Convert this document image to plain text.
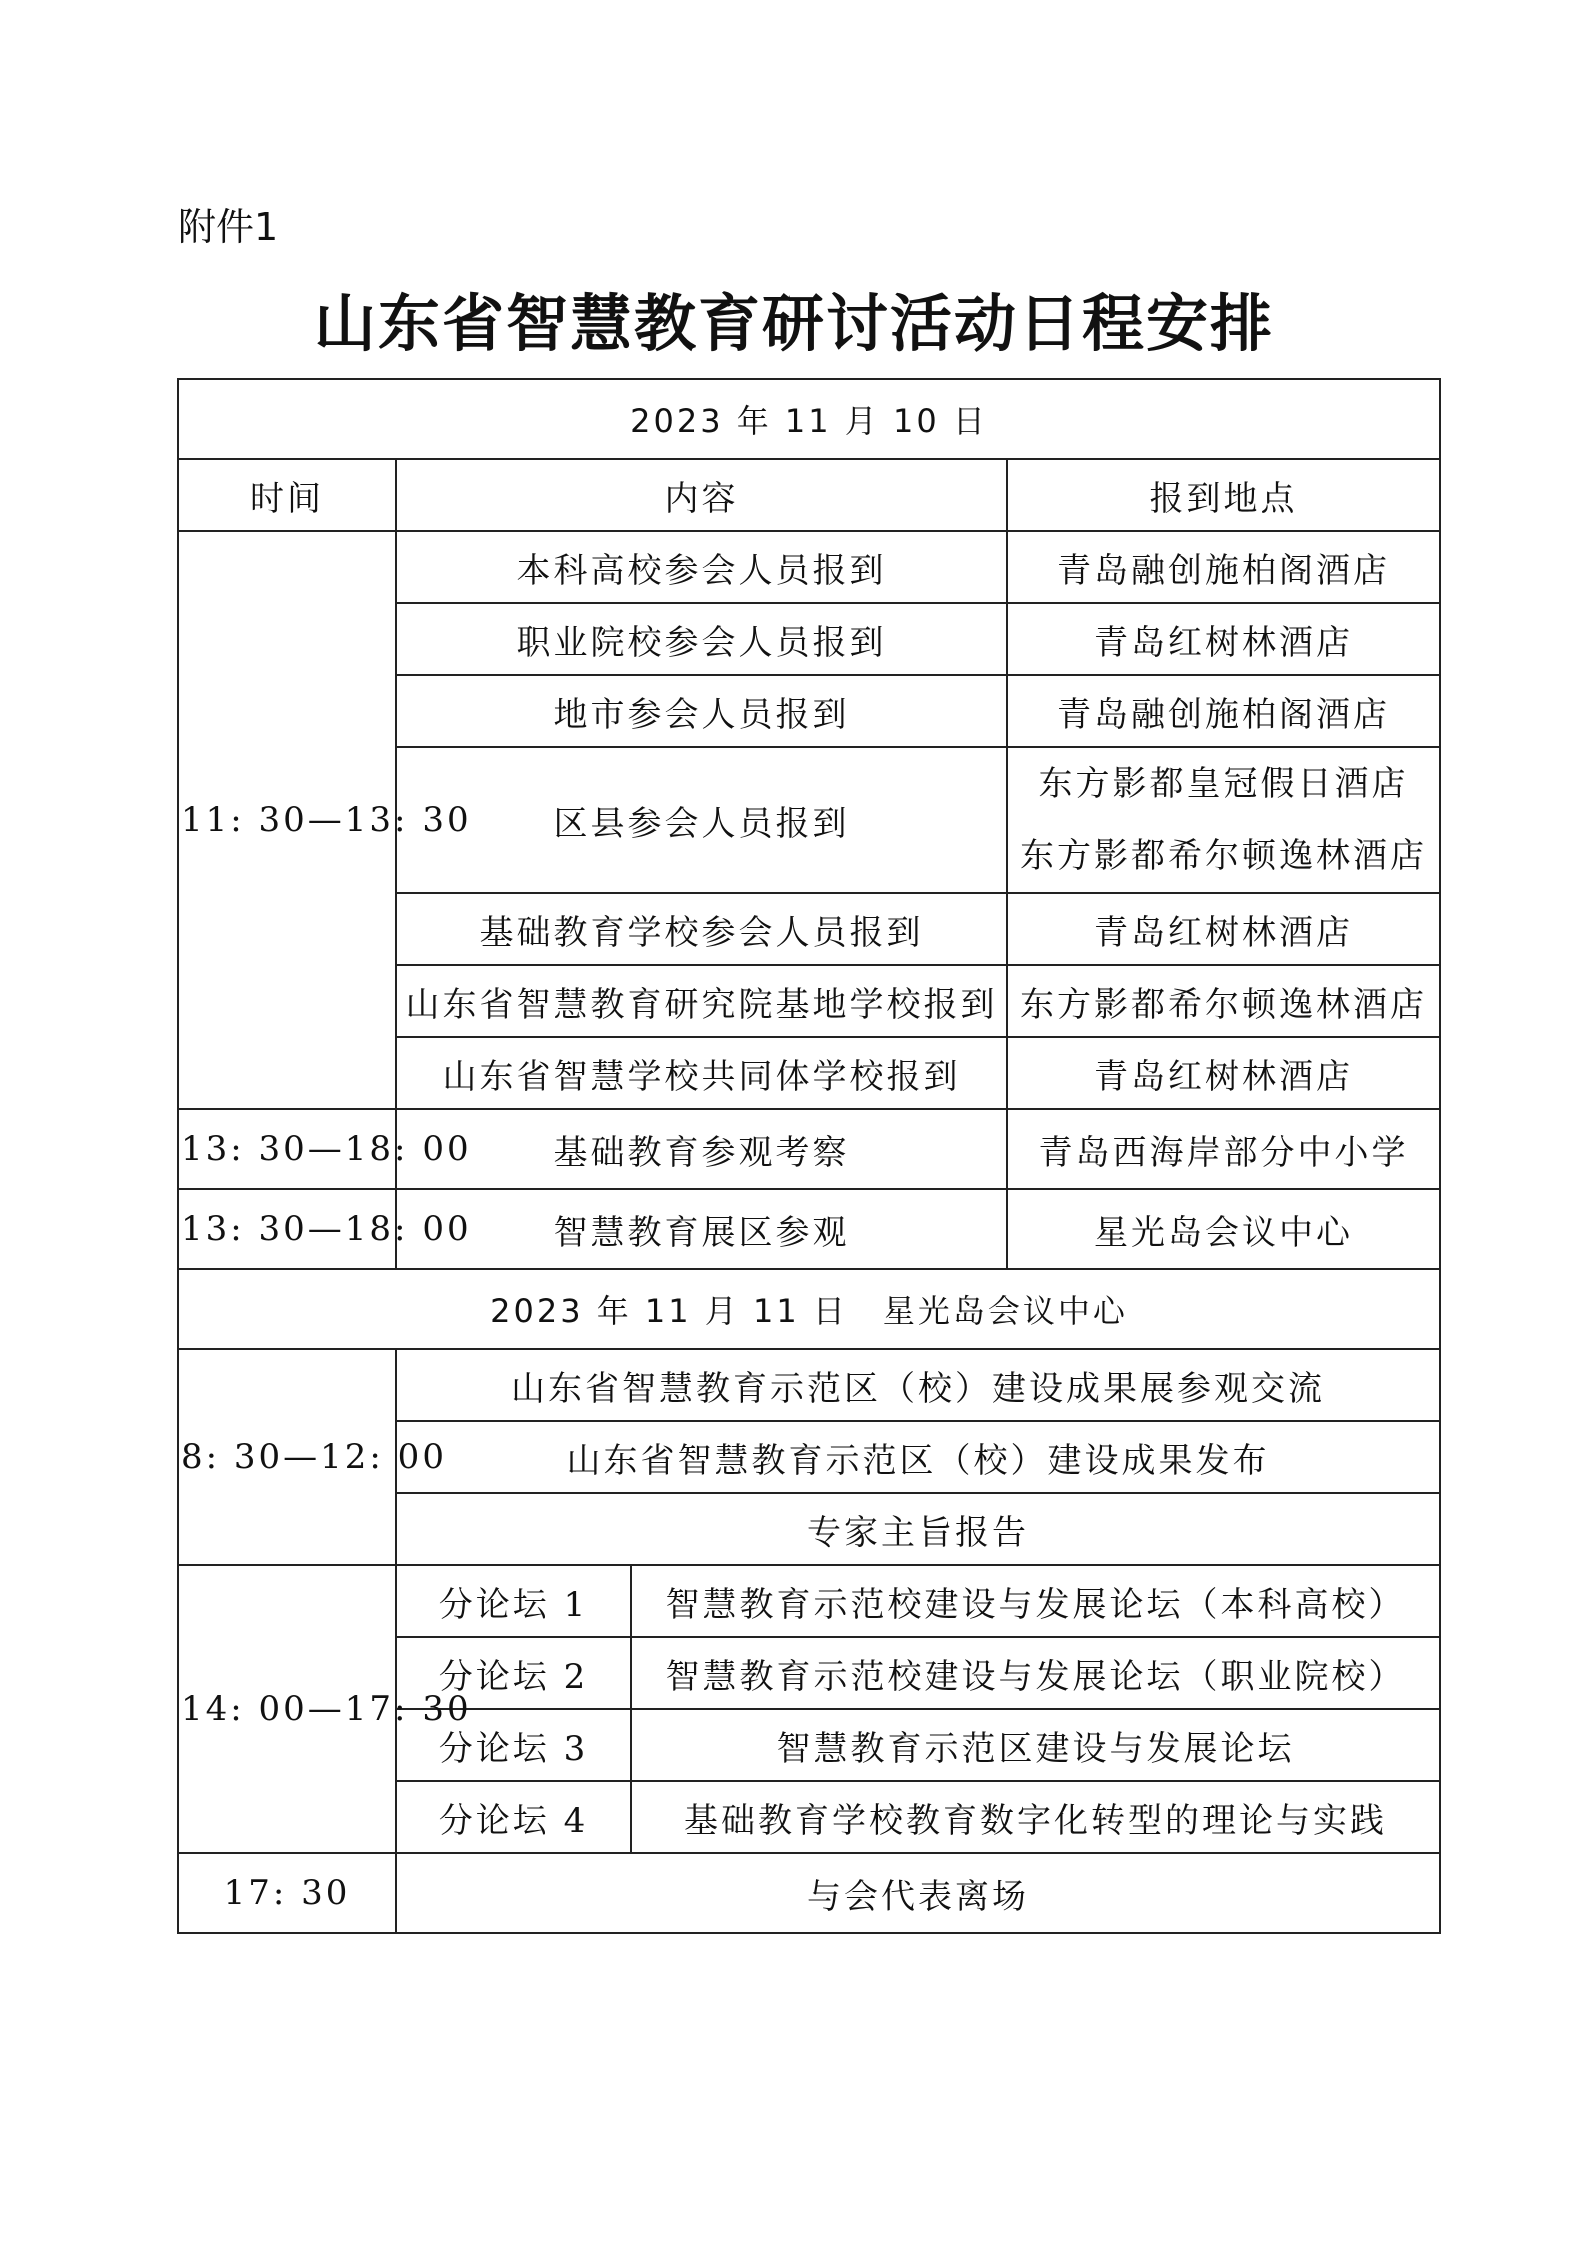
附件1
山东省智慧教育研讨活动日程安排
2023 年 11 月 10 日			
时间	内容		报到地点
11: 30—13: 30	本科高校参会人员报到		青岛融创施柏阁酒店
	职业院校参会人员报到		青岛红树林酒店
	地市参会人员报到		青岛融创施柏阁酒店
	区县参会人员报到		东方影都皇冠假日酒店
东方影都希尔顿逸林酒店

	基础教育学校参会人员报到		青岛红树林酒店
	山东省智慧教育研究院基地学校报到		东方影都希尔顿逸林酒店
	山东省智慧学校共同体学校报到		青岛红树林酒店
13: 30—18: 00	基础教育参观考察		青岛西海岸部分中小学
13: 30—18: 00	智慧教育展区参观		星光岛会议中心
2023 年 11 月 11 日　星光岛会议中心			
8: 30—12: 00	山东省智慧教育示范区（校）建设成果展参观交流		
	山东省智慧教育示范区（校）建设成果发布		
	专家主旨报告		
14: 00—17: 30	分论坛 1	智慧教育示范校建设与发展论坛（本科高校）	
	分论坛 2	智慧教育示范校建设与发展论坛（职业院校）	
	分论坛 3	智慧教育示范区建设与发展论坛	
	分论坛 4	基础教育学校教育数字化转型的理论与实践	
17: 30	与会代表离场		
